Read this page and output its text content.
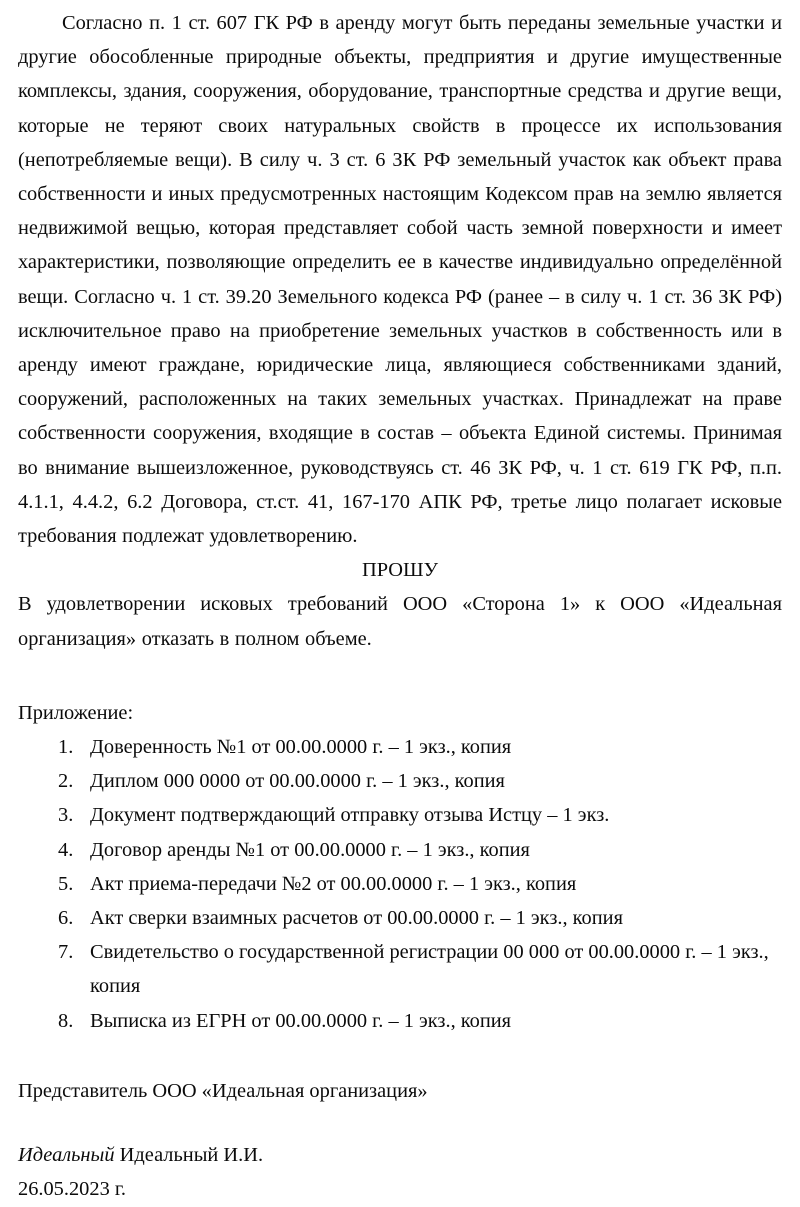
Согласно п. 1 ст. 607 ГК РФ в аренду могут быть переданы земельные участки и другие обособленные природные объекты, предприятия и другие имущественные комплексы, здания, сооружения, оборудование, транспортные средства и другие вещи, которые не теряют своих натуральных свойств в процессе их использования (непотребляемые вещи). В силу ч. 3 ст. 6 ЗК РФ земельный участок как объект права собственности и иных предусмотренных настоящим Кодексом прав на землю является недвижимой вещью, которая представляет собой часть земной поверхности и имеет характеристики, позволяющие определить ее в качестве индивидуально определённой вещи. Согласно ч. 1 ст. 39.20 Земельного кодекса РФ (ранее – в силу ч. 1 ст. 36 ЗК РФ) исключительное право на приобретение земельных участков в собственность или в аренду имеют граждане, юридические лица, являющиеся собственниками зданий, сооружений, расположенных на таких земельных участках. Принадлежат на праве собственности сооружения, входящие в состав – объекта Единой системы. Принимая во внимание вышеизложенное, руководствуясь ст. 46 ЗК РФ, ч. 1 ст. 619 ГК РФ, п.п. 4.1.1, 4.4.2, 6.2 Договора, ст.ст. 41, 167-170 АПК РФ, третье лицо полагает исковые требования подлежат удовлетворению.

ПРОШУ

В удовлетворении исковых требований ООО «Сторона 1» к ООО «Идеальная организация» отказать в полном объеме.

Приложение:

1. Доверенность №1 от 00.00.0000 г. – 1 экз., копия
2. Диплом 000 0000 от 00.00.0000 г. – 1 экз., копия
3. Документ подтверждающий отправку отзыва Истцу – 1 экз.
4. Договор аренды №1 от 00.00.0000 г. – 1 экз., копия
5. Акт приема-передачи №2 от 00.00.0000 г. – 1 экз., копия
6. Акт сверки взаимных расчетов от 00.00.0000 г. – 1 экз., копия
7. Свидетельство о государственной регистрации 00 000 от 00.00.0000 г. – 1 экз., копия
8. Выписка из ЕГРН от 00.00.0000 г. – 1 экз., копия

Представитель ООО «Идеальная организация»

Идеальный Идеальный И.И.

26.05.2023 г.
